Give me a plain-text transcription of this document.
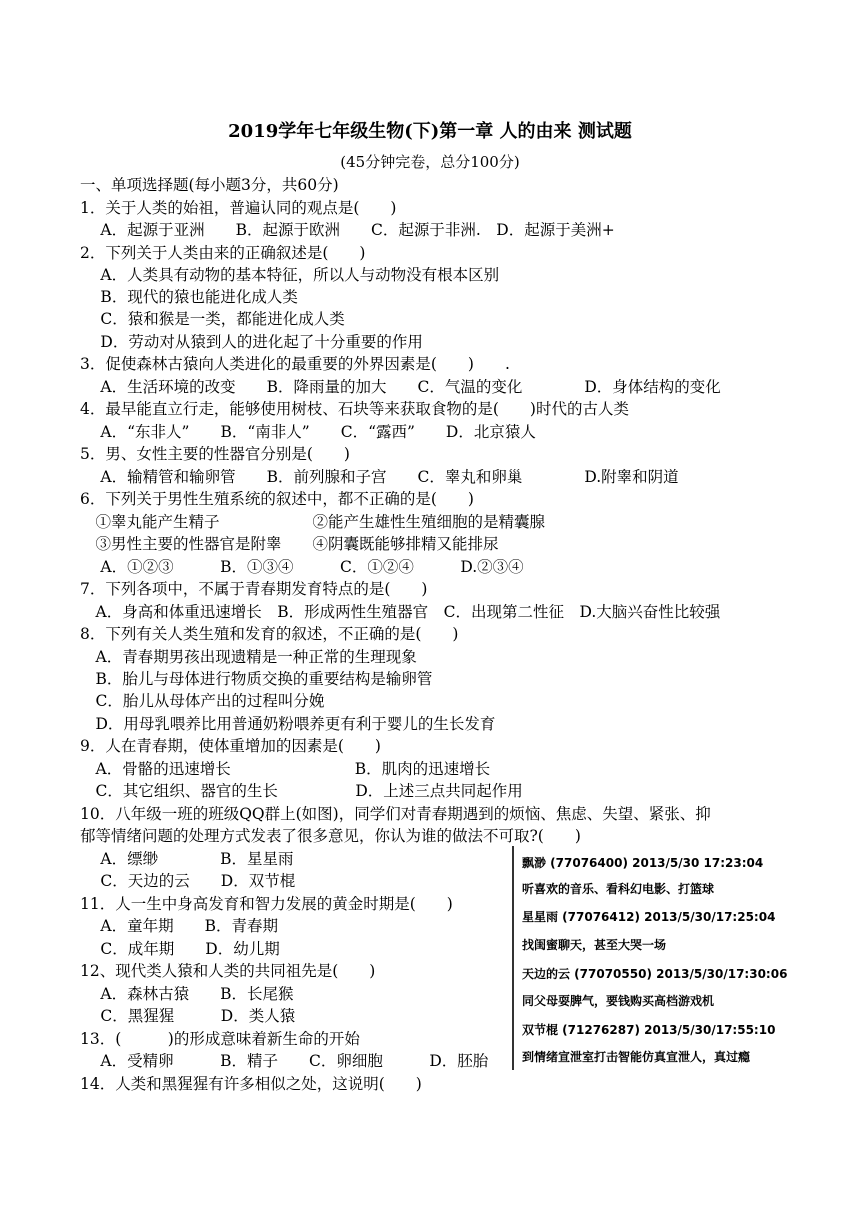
2019学年七年级生物(下)第一章 人的由来 测试题
(45分钟完卷，总分100分)
一、单项选择题(每小题3分，共60分)
1．关于人类的始祖，普遍认同的观点是(　　)
　 A．起源于亚洲　　B．起源于欧洲　　C．起源于非洲.　D．起源于美洲+
2．下列关于人类由来的正确叙述是(　　)
　 A．人类具有动物的基本特征，所以人与动物没有根本区别
　 B．现代的猿也能进化成人类
　 C．猿和猴是一类，都能进化成人类
　 D．劳动对从猿到人的进化起了十分重要的作用
3．促使森林古猿向人类进化的最重要的外界因素是(　　)　　.
　 A．生活环境的改变　　B．降雨量的加大　　C．气温的变化　　　　D．身体结构的变化
4．最早能直立行走，能够使用树枝、石块等来获取食物的是(　　)时代的古人类
　 A．“东非人”　　B．“南非人”　　C．“露西”　　D．北京猿人
5．男、女性主要的性器官分别是(　　)
　 A．输精管和输卵管　　B．前列腺和子宫　　C．睾丸和卵巢　　　　D.附睾和阴道
6．下列关于男性生殖系统的叙述中，都不正确的是(　　)
　①睾丸能产生精子　　　　　　②能产生雄性生殖细胞的是精囊腺
　③男性主要的性器官是附睾　　④阴囊既能够排精又能排尿
　 A．①②③　　　B．①③④　　　C．①②④　　　D.②③④
7．下列各项中，不属于青春期发育特点的是(　　)
　A．身高和体重迅速增长　B．形成两性生殖器官　C．出现第二性征　D.大脑兴奋性比较强
8．下列有关人类生殖和发育的叙述，不正确的是(　　)
　A．青春期男孩出现遗精是一种正常的生理现象
　B．胎儿与母体进行物质交换的重要结构是输卵管
　C．胎儿从母体产出的过程叫分娩
　D．用母乳喂养比用普通奶粉喂养更有利于婴儿的生长发育
9．人在青春期，使体重增加的因素是(　　)
　A．骨骼的迅速增长　　　　　　　　B．肌肉的迅速增长
　C．其它组织、器官的生长　　　　　D．上述三点共同起作用
10．八年级一班的班级QQ群上(如图)，同学们对青春期遇到的烦恼、焦虑、失望、紧张、抑
郁等情绪问题的处理方式发表了很多意见，你认为谁的做法不可取?(　　)
　 A．缥缈　　　　B．星星雨
　 C．天边的云　　D．双节棍
11．人一生中身高发育和智力发展的黄金时期是(　　)
　 A．童年期　　B．青春期
　 C．成年期　　D．幼儿期
12、现代类人猿和人类的共同祖先是(　　)
　 A．森林古猿　　B．长尾猴
　 C．黑猩猩　　　D．类人猿
13．(　　　)的形成意味着新生命的开始
　 A．受精卵　　　B．精子　　C．卵细胞　　　D．胚胎
14．人类和黑猩猩有许多相似之处，这说明(　　)
飘渺 (77076400) 2013/5/30 17:23:04
听喜欢的音乐、看科幻电影、打篮球
星星雨 (77076412) 2013/5/30/17:25:04
找闺蜜聊天，甚至大哭一场
天边的云 (77070550) 2013/5/30/17:30:06
同父母耍脾气，要钱购买高档游戏机
双节棍 (71276287) 2013/5/30/17:55:10
到情绪宣泄室打击智能仿真宣泄人，真过瘾
